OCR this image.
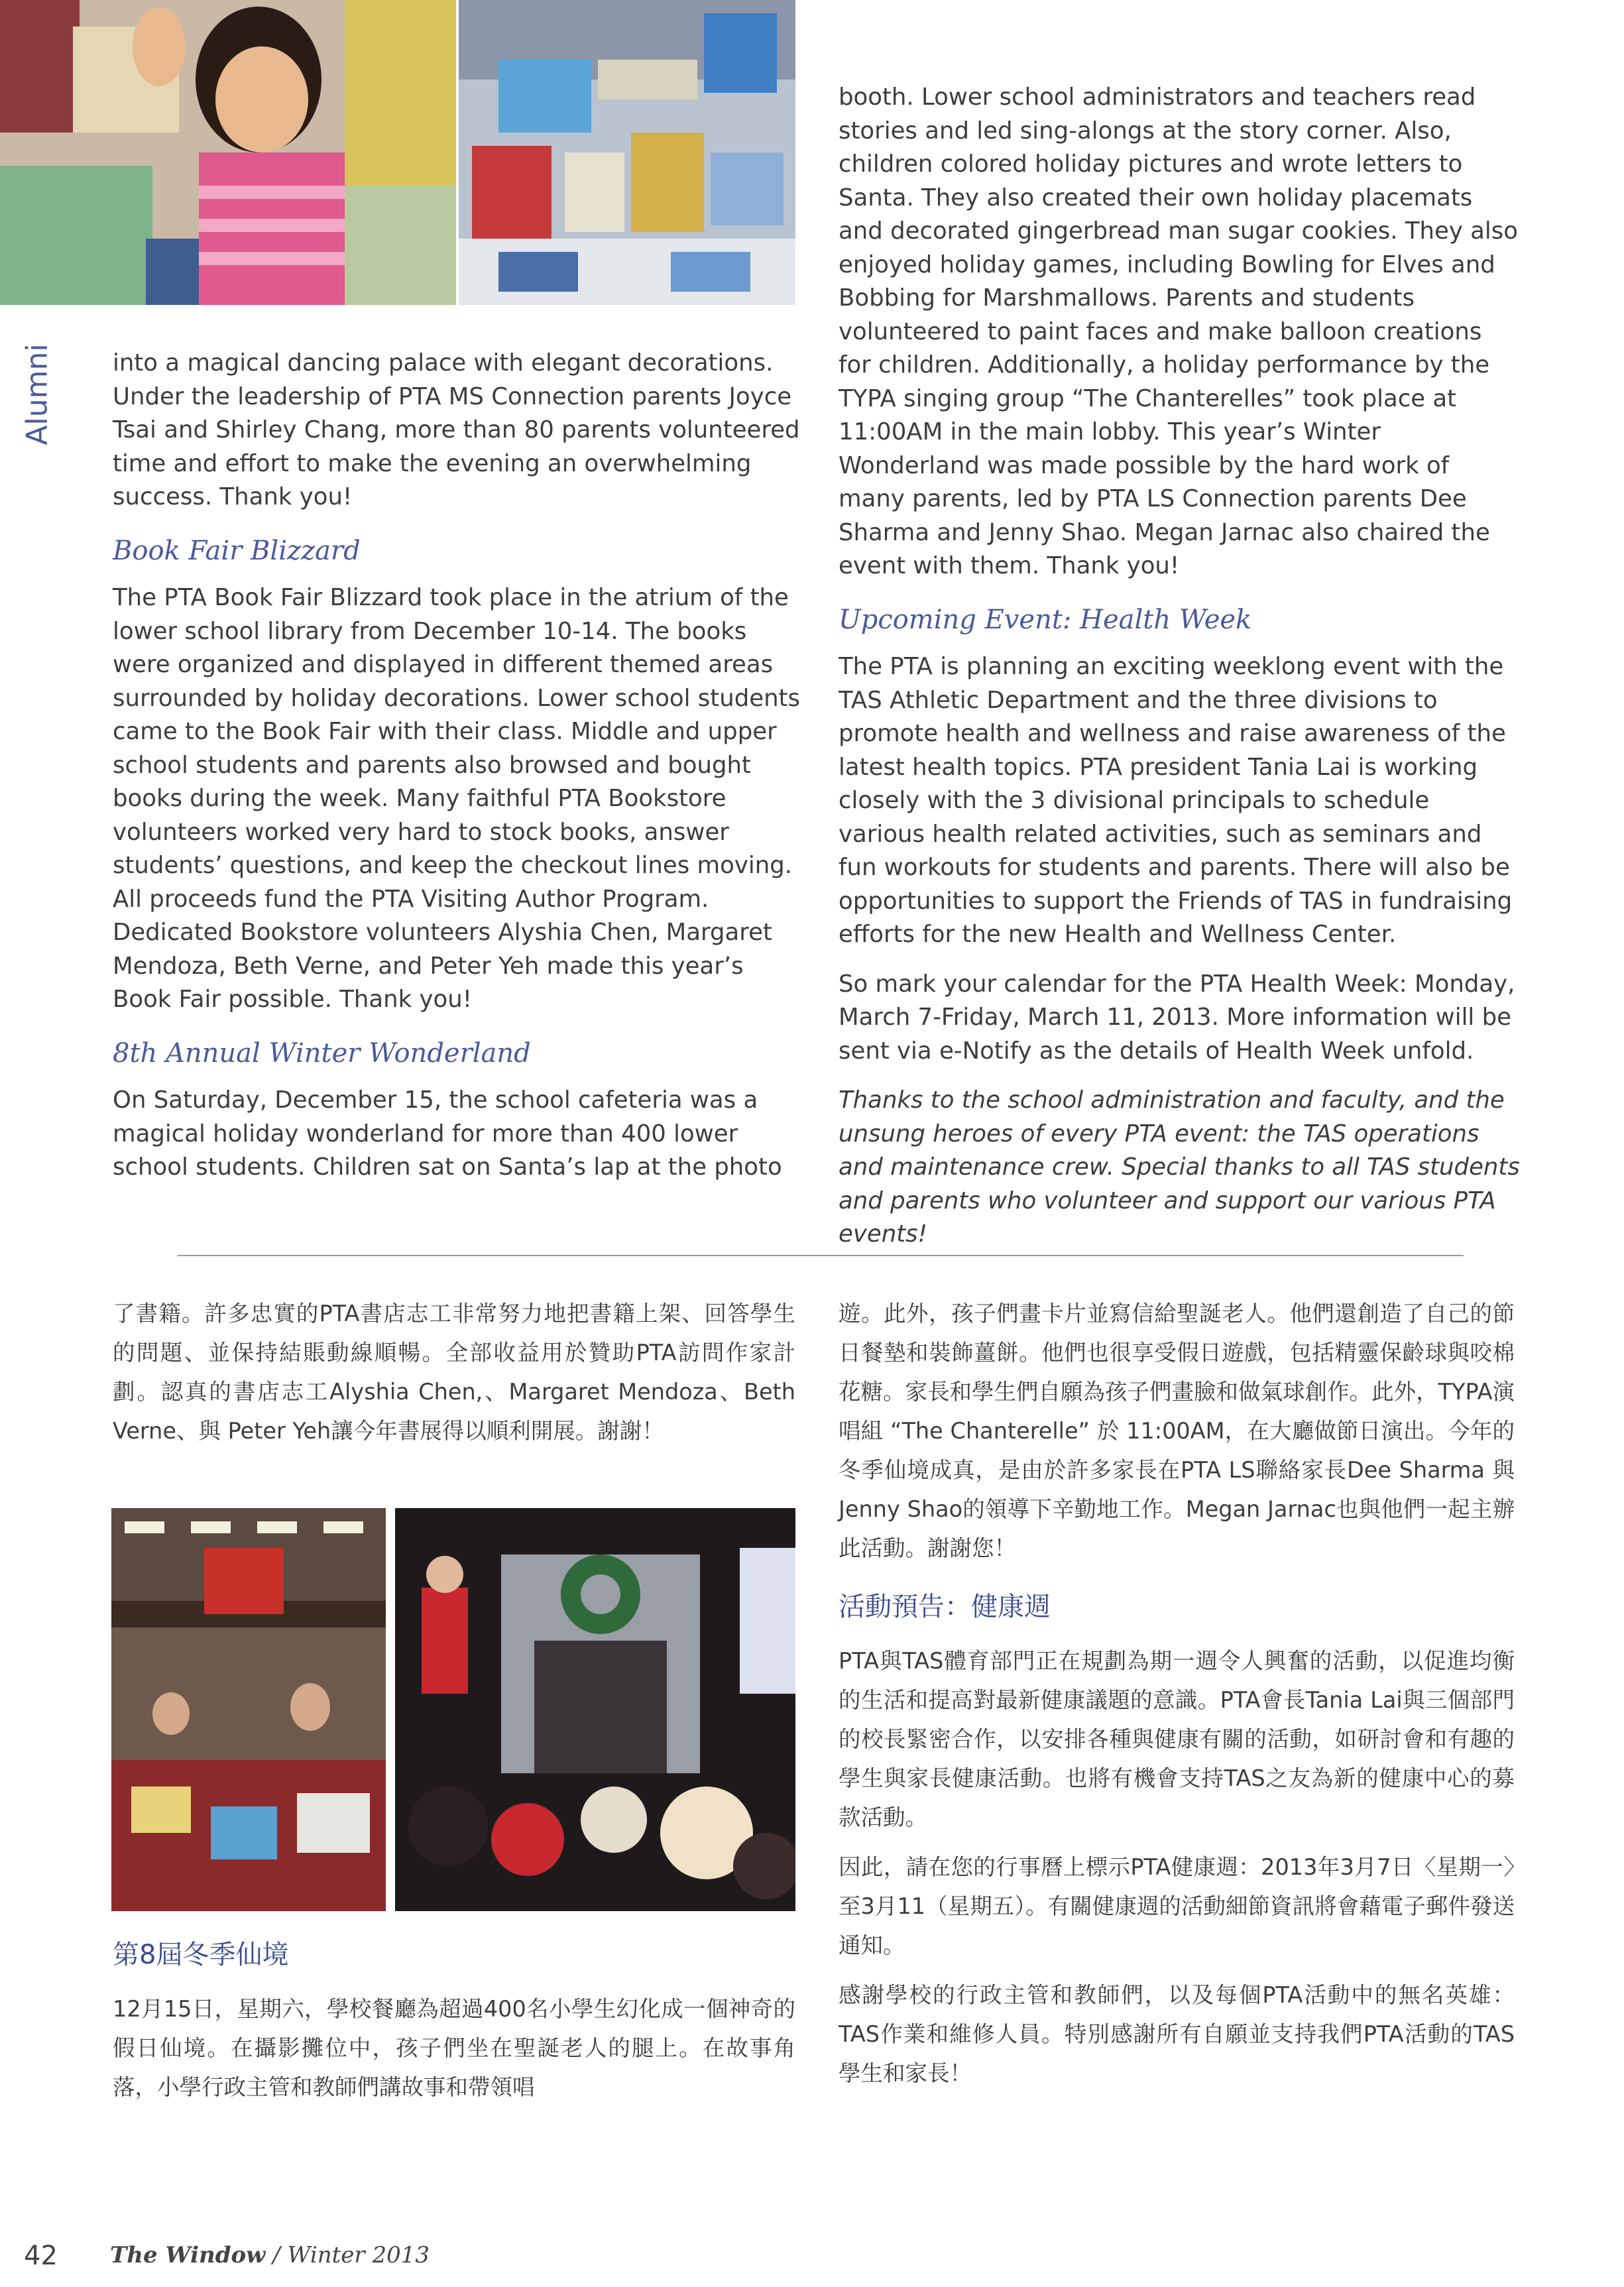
Alumni into a magical dancing palace with elegant decorations. Under the leadership of PTA MS Connection parents Joyce Tsai and Shirley Chang, more than 80 parents volunteered time and effort to make the evening an overwhelming success. Thank you!

Book Fair Blizzard

The PTA Book Fair Blizzard took place in the atrium of the lower school library from December 10-14. The books were organized and displayed in different themed areas surrounded by holiday decorations. Lower school students came to the Book Fair with their class. Middle and upper school students and parents also browsed and bought books during the week. Many faithful PTA Bookstore volunteers worked very hard to stock books, answer students’ questions, and keep the checkout lines moving. All proceeds fund the PTA Visiting Author Program. Dedicated Bookstore volunteers Alyshia Chen, Margaret Mendoza, Beth Verne, and Peter Yeh made this year’s Book Fair possible. Thank you!

8th Annual Winter Wonderland

On Saturday, December 15, the school cafeteria was a magical holiday wonderland for more than 400 lower school students. Children sat on Santa’s lap at the photo

booth. Lower school administrators and teachers read stories and led sing-alongs at the story corner. Also, children colored holiday pictures and wrote letters to Santa. They also created their own holiday placemats and decorated gingerbread man sugar cookies. They also enjoyed holiday games, including Bowling for Elves and Bobbing for Marshmallows. Parents and students volunteered to paint faces and make balloon creations for children. Additionally, a holiday performance by the TYPA singing group “The Chanterelles” took place at 11:00AM in the main lobby. This year’s Winter Wonderland was made possible by the hard work of many parents, led by PTA LS Connection parents Dee Sharma and Jenny Shao. Megan Jarnac also chaired the event with them. Thank you!

Upcoming Event: Health Week

The PTA is planning an exciting weeklong event with the TAS Athletic Department and the three divisions to promote health and wellness and raise awareness of the latest health topics. PTA president Tania Lai is working closely with the 3 divisional principals to schedule various health related activities, such as seminars and fun workouts for students and parents. There will also be opportunities to support the Friends of TAS in fundraising efforts for the new Health and Wellness Center.

So mark your calendar for the PTA Health Week: Monday, March 7-Friday, March 11, 2013. More information will be sent via e-Notify as the details of Health Week unfold.

Thanks to the school administration and faculty, and the unsung heroes of every PTA event: the TAS operations and maintenance crew. Special thanks to all TAS students and parents who volunteer and support our various PTA events!

了書籍。許多忠實的PTA書店志工非常努力地把書籍上架、回答學生的問題、並保持結賬動線順暢。全部收益用於贊助PTA訪問作家計劃。認真的書店志工Alyshia Chen,、Margaret Mendoza、Beth Verne、與 Peter Yeh讓今年書展得以順利開展。謝謝！

第8屆冬季仙境

12月15日，星期六，學校餐廳為超過400名小學生幻化成一個神奇的假日仙境。在攝影攤位中，孩子們坐在聖誕老人的腿上。在故事角落，小學行政主管和教師們講故事和帶領唱

遊。此外，孩子們畫卡片並寫信給聖誕老人。他們還創造了自己的節日餐墊和裝飾薑餅。他們也很享受假日遊戲，包括精靈保齡球與咬棉花糖。家長和學生們自願為孩子們畫臉和做氣球創作。此外，TYPA演唱組 “The Chanterelle” 於 11:00AM，在大廳做節日演出。今年的冬季仙境成真，是由於許多家長在PTA LS聯絡家長Dee Sharma 與 Jenny Shao的領導下辛勤地工作。Megan Jarnac也與他們一起主辦此活動。謝謝您！

活動預告：健康週

PTA與TAS體育部門正在規劃為期一週令人興奮的活動，以促進均衡的生活和提高對最新健康議題的意識。PTA會長Tania Lai與三個部門的校長緊密合作，以安排各種與健康有關的活動，如研討會和有趣的學生與家長健康活動。也將有機會支持TAS之友為新的健康中心的募款活動。

因此，請在您的行事曆上標示PTA健康週：2013年3月7日〈星期一〉至3月11（星期五）。有關健康週的活動細節資訊將會藉電子郵件發送通知。

感謝學校的行政主管和教師們，以及每個PTA活動中的無名英雄：TAS作業和維修人員。特別感謝所有自願並支持我們PTA活動的TAS學生和家長！

42 The Window / Winter 2013
